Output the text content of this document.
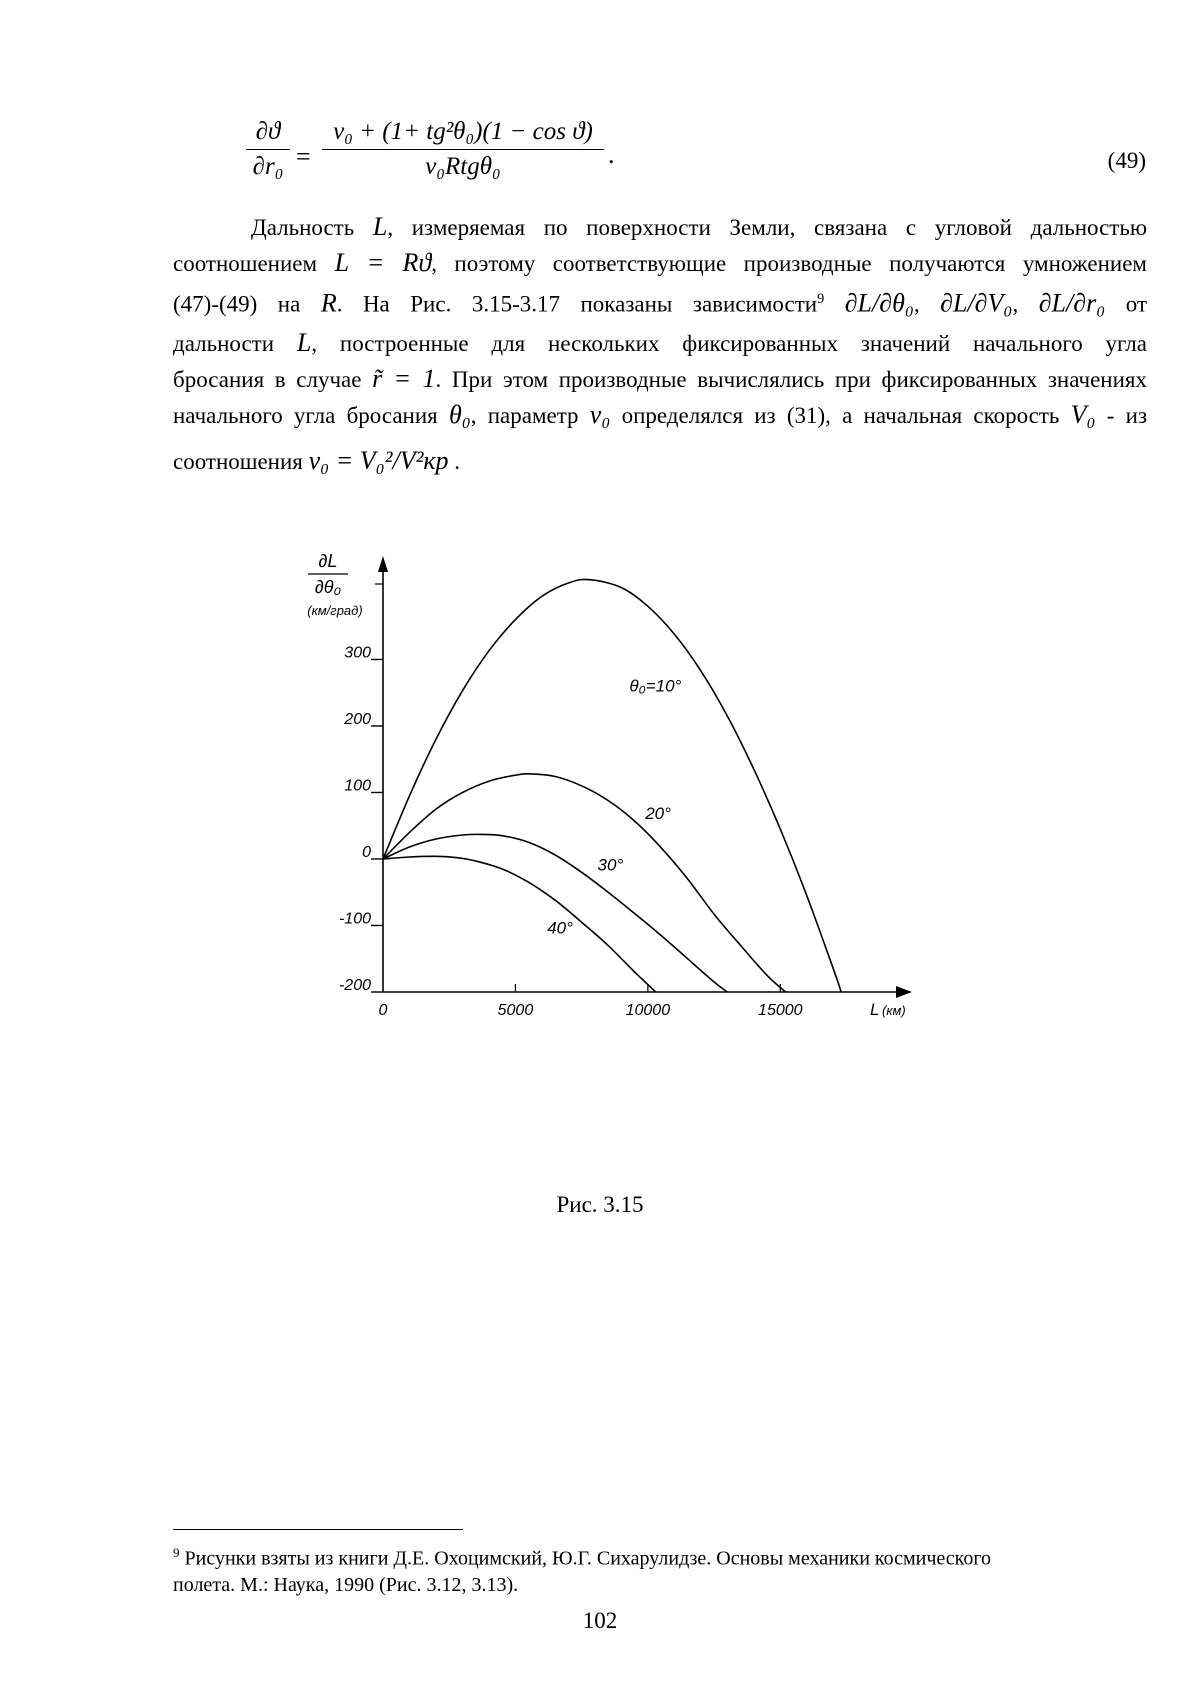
$\frac{\partial ϑ}{\text{∂r₀}}$ =
ν₀ + (1+ tg²θ₀)(1 − cos ϑ)
ν₀Rtgθ₀	.	(49)
Дальность L, измеряемая по поверхности Земли, связана с угловой дальностью
соотношением L = Rϑ, поэтому соответствующие производные получаются умножением
(47)-(49) на R. На Рис. 3.15-3.17 показаны зависимости$^9$ ∂L/∂θ₀, ∂L/∂V₀, ∂L/∂r₀ от
дальности L, построенные для нескольких фиксированных значений начального угла
бросания в случае r̃ = 1. При этом производные вычислялись при фиксированных значениях
начального угла бросания θ₀, параметр ν₀ определялся из (31), а начальная скорость V₀ - из
соотношения ν₀ = V₀²/V²кр .
-200
-100
0
100
200
300
0	5000	10000	15000	L (км)
∂L
∂θ₀
(км/град)
θ₀=10°
20°
30°
40°
Рис. 3.15
$^9$ Рисунки взяты из книги Д.Е. Охоцимский, Ю.Г. Сихарулидзе. Основы механики космического
полета. М.: Наука, 1990 (Рис. 3.12, 3.13).
102
